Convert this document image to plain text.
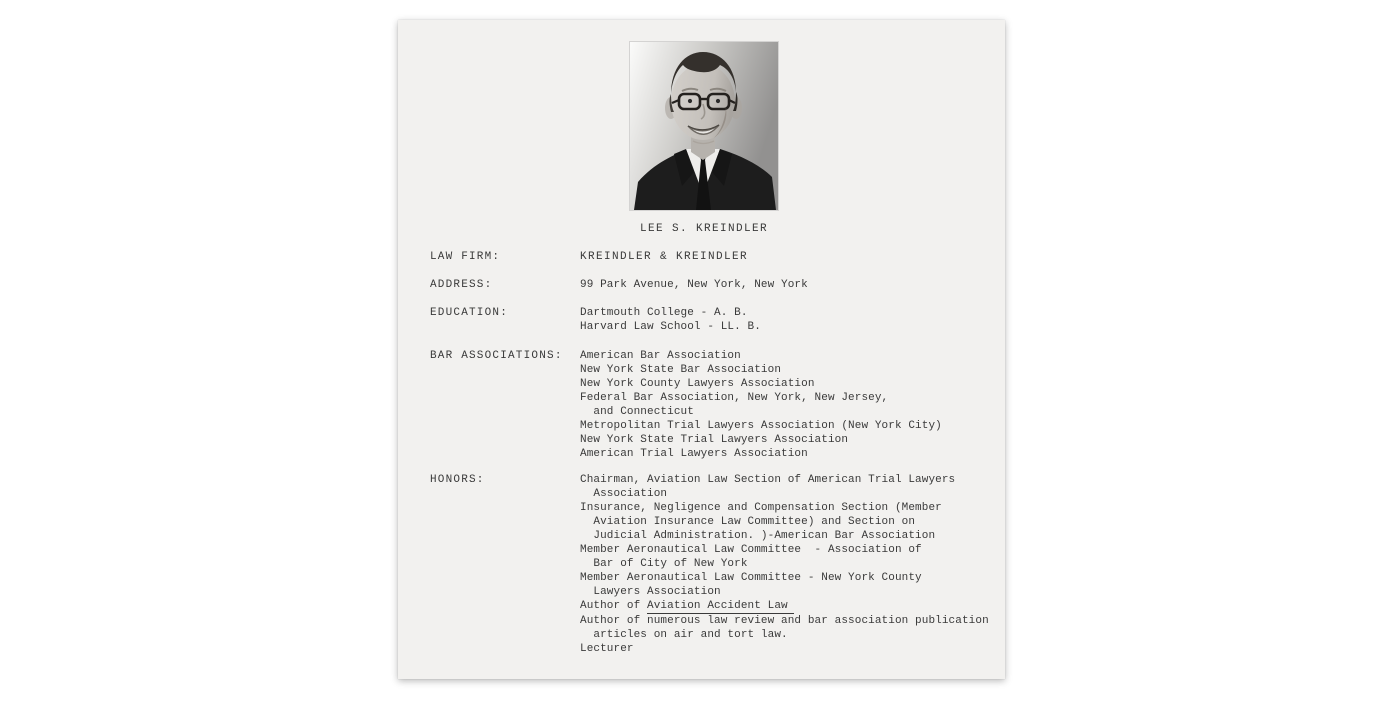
LEE S. KREINDLER
LAW FIRM:	KREINDLER & KREINDLER
ADDRESS:	99 Park Avenue, New York, New York
EDUCATION:	Dartmouth College - A. B.
Harvard Law School - LL. B.
BAR ASSOCIATIONS:	American Bar Association
New York State Bar Association
New York County Lawyers Association
Federal Bar Association, New York, New Jersey,
and Connecticut
Metropolitan Trial Lawyers Association (New York City)
New York State Trial Lawyers Association
American Trial Lawyers Association
HONORS:	Chairman, Aviation Law Section of American Trial Lawyers
Association
Insurance, Negligence and Compensation Section (Member
Aviation Insurance Law Committee) and Section on
Judicial Administration. )-American Bar Association
Member Aeronautical Law Committee  - Association of
Bar of City of New York
Member Aeronautical Law Committee - New York County
Lawyers Association
Author of Aviation Accident Law
Author of numerous law review and bar association publication
articles on air and tort law.
Lecturer
